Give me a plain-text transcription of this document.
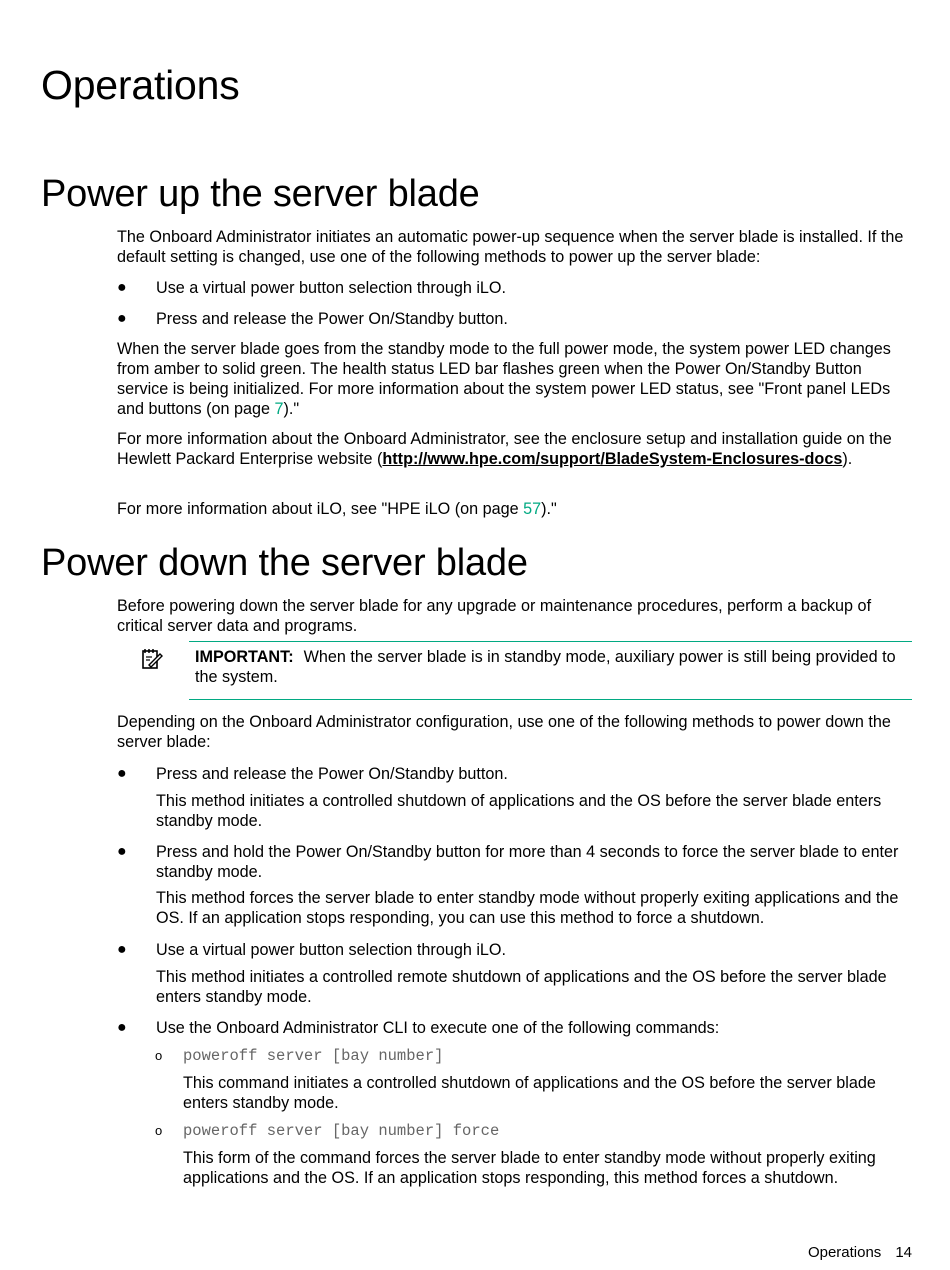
Operations
Power up the server blade

The Onboard Administrator initiates an automatic power-up sequence when the server blade is installed. If the default setting is changed, use one of the following methods to power up the server blade:

● Use a virtual power button selection through iLO.

● Press and release the Power On/Standby button.

When the server blade goes from the standby mode to the full power mode, the system power LED changes from amber to solid green. The health status LED bar flashes green when the Power On/Standby Button service is being initialized. For more information about the system power LED status, see "Front panel LEDs and buttons (on page 7)."

For more information about the Onboard Administrator, see the enclosure setup and installation guide on the Hewlett Packard Enterprise website (http://www.hpe.com/support/BladeSystem-Enclosures-docs).

For more information about iLO, see "HPE iLO (on page 57)."

Power down the server blade

Before powering down the server blade for any upgrade or maintenance procedures, perform a backup of critical server data and programs.

IMPORTANT: When the server blade is in standby mode, auxiliary power is still being provided to the system.

Depending on the Onboard Administrator configuration, use one of the following methods to power down the server blade:

● Press and release the Power On/Standby button.

This method initiates a controlled shutdown of applications and the OS before the server blade enters standby mode.

● Press and hold the Power On/Standby button for more than 4 seconds to force the server blade to enter standby mode.

This method forces the server blade to enter standby mode without properly exiting applications and the OS. If an application stops responding, you can use this method to force a shutdown.

● Use a virtual power button selection through iLO.

This method initiates a controlled remote shutdown of applications and the OS before the server blade enters standby mode.

● Use the Onboard Administrator CLI to execute one of the following commands:

o poweroff server [bay number]

This command initiates a controlled shutdown of applications and the OS before the server blade enters standby mode.

o poweroff server [bay number] force

This form of the command forces the server blade to enter standby mode without properly exiting applications and the OS. If an application stops responding, this method forces a shutdown.

Operations 14
